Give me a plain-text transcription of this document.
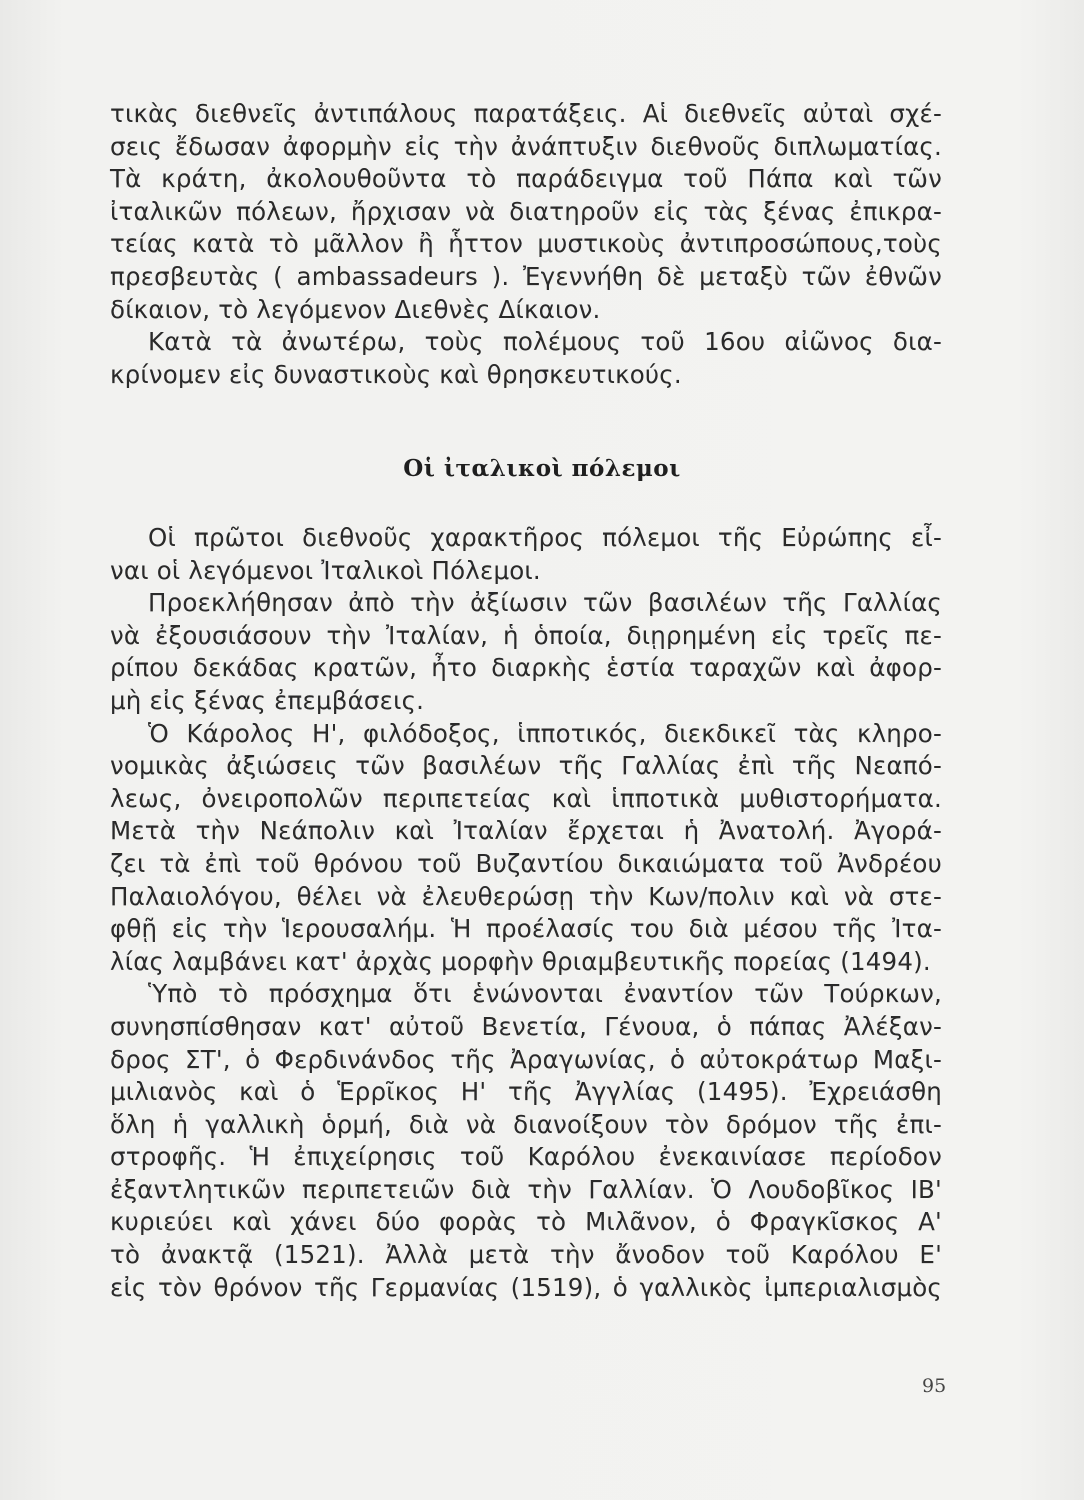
τικὰς διεθνεῖς ἀντιπάλους παρατάξεις. Αἱ διεθνεῖς αὐταὶ σχέ-
σεις ἔδωσαν ἀφορμὴν εἰς τὴν ἀνάπτυξιν διεθνοῦς διπλωματίας.
Τὰ κράτη, ἀκολουθοῦντα τὸ παράδειγμα τοῦ Πάπα καὶ τῶν
ἰταλικῶν πόλεων, ἤρχισαν νὰ διατηροῦν εἰς τὰς ξένας ἐπικρα-
τείας κατὰ τὸ μᾶλλον ἢ ἧττον μυστικοὺς ἀντιπροσώπους,τοὺς
πρεσβευτὰς ( ambassadeurs ). Ἐγεννήθη δὲ μεταξὺ τῶν ἐθνῶν
δίκαιον, τὸ λεγόμενον Διεθνὲς Δίκαιον.
Κατὰ τὰ ἀνωτέρω, τοὺς πολέμους τοῦ 16ου αἰῶνος δια-
κρίνομεν εἰς δυναστικοὺς καὶ θρησκευτικούς.
Οἱ ἰταλικοὶ πόλεμοι
Οἱ πρῶτοι διεθνοῦς χαρακτῆρος πόλεμοι τῆς Εὐρώπης εἶ-
ναι οἱ λεγόμενοι Ἰταλικοὶ Πόλεμοι.
Προεκλήθησαν ἀπὸ τὴν ἀξίωσιν τῶν βασιλέων τῆς Γαλλίας
νὰ ἐξουσιάσουν τὴν Ἰταλίαν, ἡ ὁποία, διῃρημένη εἰς τρεῖς πε-
ρίπου δεκάδας κρατῶν, ἦτο διαρκὴς ἑστία ταραχῶν καὶ ἀφορ-
μὴ εἰς ξένας ἐπεμβάσεις.
Ὁ Κάρολος Η', φιλόδοξος, ἱπποτικός, διεκδικεῖ τὰς κληρο-
νομικὰς ἀξιώσεις τῶν βασιλέων τῆς Γαλλίας ἐπὶ τῆς Νεαπό-
λεως, ὀνειροπολῶν περιπετείας καὶ ἱπποτικὰ μυθιστορήματα.
Μετὰ τὴν Νεάπολιν καὶ Ἰταλίαν ἔρχεται ἡ Ἀνατολή. Ἀγορά-
ζει τὰ ἐπὶ τοῦ θρόνου τοῦ Βυζαντίου δικαιώματα τοῦ Ἀνδρέου
Παλαιολόγου, θέλει νὰ ἐλευθερώσῃ τὴν Κων/πολιν καὶ νὰ στε-
φθῇ εἰς τὴν Ἱερουσαλήμ. Ἡ προέλασίς του διὰ μέσου τῆς Ἰτα-
λίας λαμβάνει κατ' ἀρχὰς μορφὴν θριαμβευτικῆς πορείας (1494).
Ὑπὸ τὸ πρόσχημα ὅτι ἑνώνονται ἐναντίον τῶν Τούρκων,
συνησπίσθησαν κατ' αὐτοῦ Βενετία, Γένουα, ὁ πάπας Ἀλέξαν-
δρος ΣΤ', ὁ Φερδινάνδος τῆς Ἀραγωνίας, ὁ αὐτοκράτωρ Μαξι-
μιλιανὸς καὶ ὁ Ἑρρῖκος Η' τῆς Ἀγγλίας (1495). Ἐχρειάσθη
ὅλη ἡ γαλλικὴ ὁρμή, διὰ νὰ διανοίξουν τὸν δρόμον τῆς ἐπι-
στροφῆς. Ἡ ἐπιχείρησις τοῦ Καρόλου ἐνεκαινίασε περίοδον
ἐξαντλητικῶν περιπετειῶν διὰ τὴν Γαλλίαν. Ὁ Λουδοβῖκος ΙΒ'
κυριεύει καὶ χάνει δύο φορὰς τὸ Μιλᾶνον, ὁ Φραγκῖσκος Α'
τὸ ἀνακτᾷ (1521). Ἀλλὰ μετὰ τὴν ἄνοδον τοῦ Καρόλου Ε'
εἰς τὸν θρόνον τῆς Γερμανίας (1519), ὁ γαλλικὸς ἰμπεριαλισμὸς
95
